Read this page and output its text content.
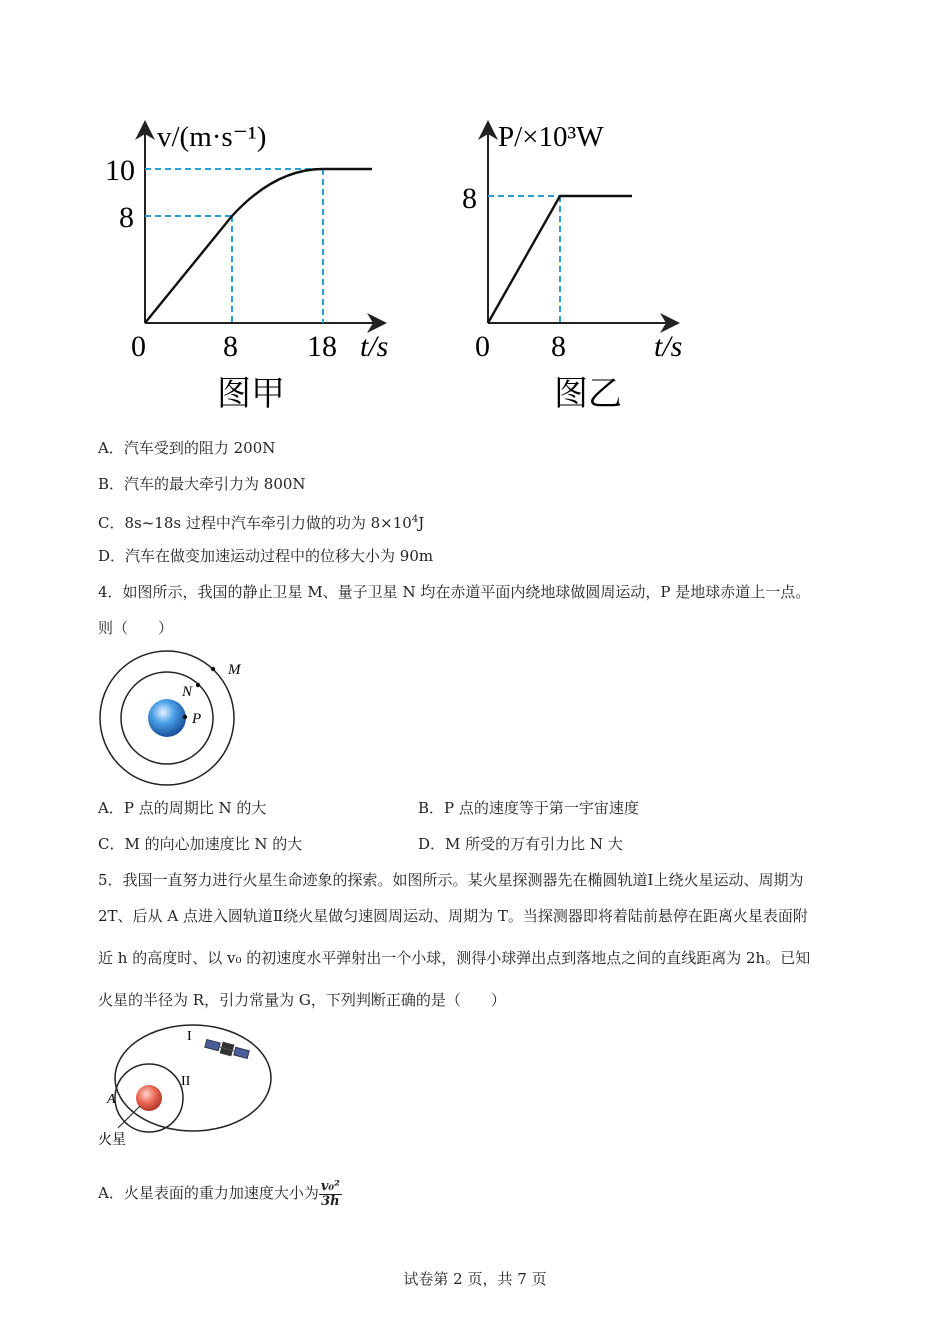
v/(m·s⁻¹)
10
8
0	8 18 t/s
图甲
P/×10³W
8
0 8	t/s
图乙
A．汽车受到的阻力 200N
B．汽车的最大牵引力为 800N
C．8s~18s 过程中汽车牵引力做的功为 $8\times 10^4J$
D．汽车在做变加速运动过程中的位移大小为 90m
4．如图所示，我国的静止卫星 M、量子卫星 N 均在赤道平面内绕地球做圆周运动，P 是地球赤道上一点。
则（　　）
M
N
P
A．P 点的周期比 N 的大	B．P 点的速度等于第一宇宙速度
C．M 的向心加速度比 N 的大	D．M 所受的万有引力比 N 大
5．我国一直努力进行火星生命迹象的探索。如图所示。某火星探测器先在椭圆轨道Ⅰ上绕火星运动、周期为
2T、后从 A 点进入圆轨道Ⅱ绕火星做匀速圆周运动、周期为 T。当探测器即将着陆前悬停在距离火星表面附
近 h 的高度时、以 v₀ 的初速度水平弹射出一个小球，测得小球弹出点到落地点之间的直线距离为 2h。已知
火星的半径为 R，引力常量为 G，下列判断正确的是（　　）
I
II
A
火星
A．火星表面的重力加速度大小为 $\frac{\text{v₀²}}{3h}$
试卷第 2 页，共 7 页
